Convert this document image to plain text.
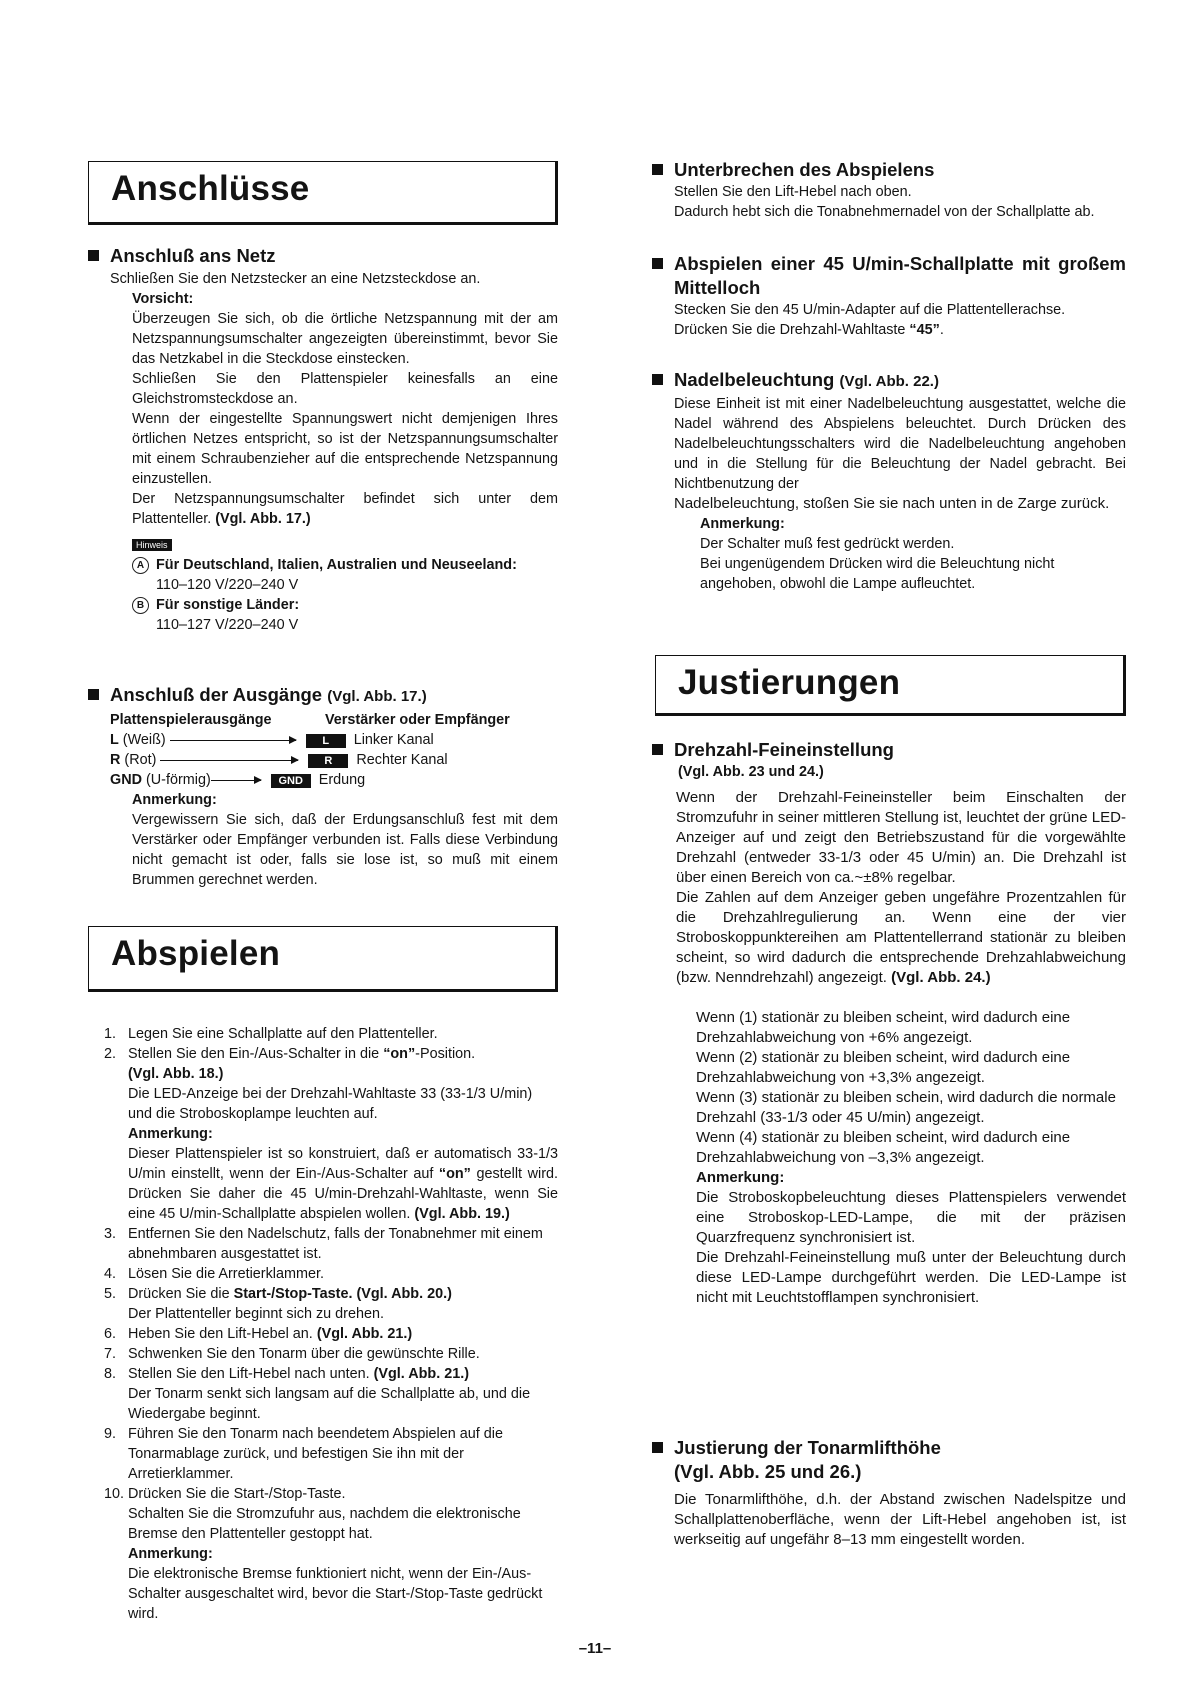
Anschlüsse
Anschluß ans Netz

Schließen Sie den Netzstecker an eine Netzsteckdose an.

Vorsicht:

Überzeugen Sie sich, ob die örtliche Netzspannung mit der am Netzspannungsumschalter angezeigten übereinstimmt, bevor Sie das Netzkabel in die Steckdose einstecken.

Schließen Sie den Plattenspieler keinesfalls an eine Gleichstromsteckdose an.

Wenn der eingestellte Spannungswert nicht demjenigen Ihres örtlichen Netzes entspricht, so ist der Netzspannungsumschalter mit einem Schraubenzieher auf die entsprechende Netzspannung einzustellen.

Der Netzspannungsumschalter befindet sich unter dem Plattenteller. (Vgl. Abb. 17.)

Hinweis

A Für Deutschland, Italien, Australien und Neuseeland:

110–120 V/220–240 V

B Für sonstige Länder:

110–127 V/220–240 V

Anschluß der Ausgänge (Vgl. Abb. 17.)
Plattenspielerausgänge	Verstärker oder Empfänger
L (Weiß)	L Linker Kanal
R (Rot)	R Rechter Kanal
GND (U-förmig)	GND Erdung

Anmerkung:

Vergewissern Sie sich, daß der Erdungsanschluß fest mit dem Verstärker oder Empfänger verbunden ist. Falls diese Verbindung nicht gemacht ist oder, falls sie lose ist, so muß mit einem Brummen gerechnet werden.

Abspielen
1. Legen Sie eine Schallplatte auf den Plattenteller.
2. Stellen Sie den Ein-/Aus-Schalter in die “on”-Position.
(Vgl. Abb. 18.)
Die LED-Anzeige bei der Drehzahl-Wahltaste 33 (33-1/3 U/min) und die Stroboskoplampe leuchten auf.
Anmerkung:

Dieser Plattenspieler ist so konstruiert, daß er automatisch 33-1/3 U/min einstellt, wenn der Ein-/Aus-Schalter auf “on” gestellt wird. Drücken Sie daher die 45 U/min-Drehzahl-Wahltaste, wenn Sie eine 45 U/min-Schallplatte abspielen wollen. (Vgl. Abb. 19.)
3. Entfernen Sie den Nadelschutz, falls der Tonabnehmer mit einem abnehmbaren ausgestattet ist.
4. Lösen Sie die Arretierklammer.
5. Drücken Sie die Start-/Stop-Taste. (Vgl. Abb. 20.)
Der Plattenteller beginnt sich zu drehen.
6. Heben Sie den Lift-Hebel an. (Vgl. Abb. 21.)
7. Schwenken Sie den Tonarm über die gewünschte Rille.
8. Stellen Sie den Lift-Hebel nach unten. (Vgl. Abb. 21.)
Der Tonarm senkt sich langsam auf die Schallplatte ab, und die Wiedergabe beginnt.
9. Führen Sie den Tonarm nach beendetem Abspielen auf die Tonarmablage zurück, und befestigen Sie ihn mit der Arretierklammer.
10. Drücken Sie die Start-/Stop-Taste.
Schalten Sie die Stromzufuhr aus, nachdem die elektronische Bremse den Plattenteller gestoppt hat.
Anmerkung:
Die elektronische Bremse funktioniert nicht, wenn der Ein-/Aus-Schalter ausgeschaltet wird, bevor die Start-/Stop-Taste gedrückt wird.
Unterbrechen des Abspielens

Stellen Sie den Lift-Hebel nach oben.

Dadurch hebt sich die Tonabnehmernadel von der Schallplatte ab.

Abspielen einer 45 U/min-Schallplatte mit großem Mittelloch

Stecken Sie den 45 U/min-Adapter auf die Plattentellerachse.

Drücken Sie die Drehzahl-Wahltaste “45”.

Nadelbeleuchtung (Vgl. Abb. 22.)

Diese Einheit ist mit einer Nadelbeleuchtung ausgestattet, welche die Nadel während des Abspielens beleuchtet. Durch Drücken des Nadelbeleuchtungsschalters wird die Nadelbeleuchtung angehoben und in die Stellung für die Beleuchtung der Nadel gebracht. Bei Nichtbenutzung der

Nadelbeleuchtung, stoßen Sie sie nach unten in de Zarge zurück.

Anmerkung:

Der Schalter muß fest gedrückt werden.

Bei ungenügendem Drücken wird die Beleuchtung nicht angehoben, obwohl die Lampe aufleuchtet.

Justierungen
Drehzahl-Feineinstellung
(Vgl. Abb. 23 und 24.)

Wenn der Drehzahl-Feineinsteller beim Einschalten der Stromzufuhr in seiner mittleren Stellung ist, leuchtet der grüne LED-Anzeiger auf und zeigt den Betriebszustand für die vorgewählte Drehzahl (entweder 33-1/3 oder 45 U/min) an. Die Drehzahl ist über einen Bereich von ca.~±8% regelbar.

Die Zahlen auf dem Anzeiger geben ungefähre Prozentzahlen für die Drehzahlregulierung an. Wenn eine der vier Stroboskoppunktereihen am Plattentellerrand stationär zu bleiben scheint, so wird dadurch die entsprechende Drehzahlabweichung (bzw. Nenndrehzahl) angezeigt. (Vgl. Abb. 24.)

Wenn (1) stationär zu bleiben scheint, wird dadurch eine Drehzahlabweichung von +6% angezeigt.

Wenn (2) stationär zu bleiben scheint, wird dadurch eine Drehzahlabweichung von +3,3% angezeigt.

Wenn (3) stationär zu bleiben schein, wird dadurch die normale Drehzahl (33-1/3 oder 45 U/min) angezeigt.

Wenn (4) stationär zu bleiben scheint, wird dadurch eine Drehzahlabweichung von –3,3% angezeigt.

Anmerkung:

Die Stroboskopbeleuchtung dieses Plattenspielers verwendet eine Stroboskop-LED-Lampe, die mit der präzisen Quarzfrequenz synchronisiert ist.

Die Drehzahl-Feineinstellung muß unter der Beleuchtung durch diese LED-Lampe durchgeführt werden. Die LED-Lampe ist nicht mit Leuchtstofflampen synchronisiert.

Justierung der Tonarmlifthöhe
(Vgl. Abb. 25 und 26.)

Die Tonarmlifthöhe, d.h. der Abstand zwischen Nadelspitze und Schallplattenoberfläche, wenn der Lift-Hebel angehoben ist, ist werkseitig auf ungefähr 8–13 mm eingestellt worden.

–11–
